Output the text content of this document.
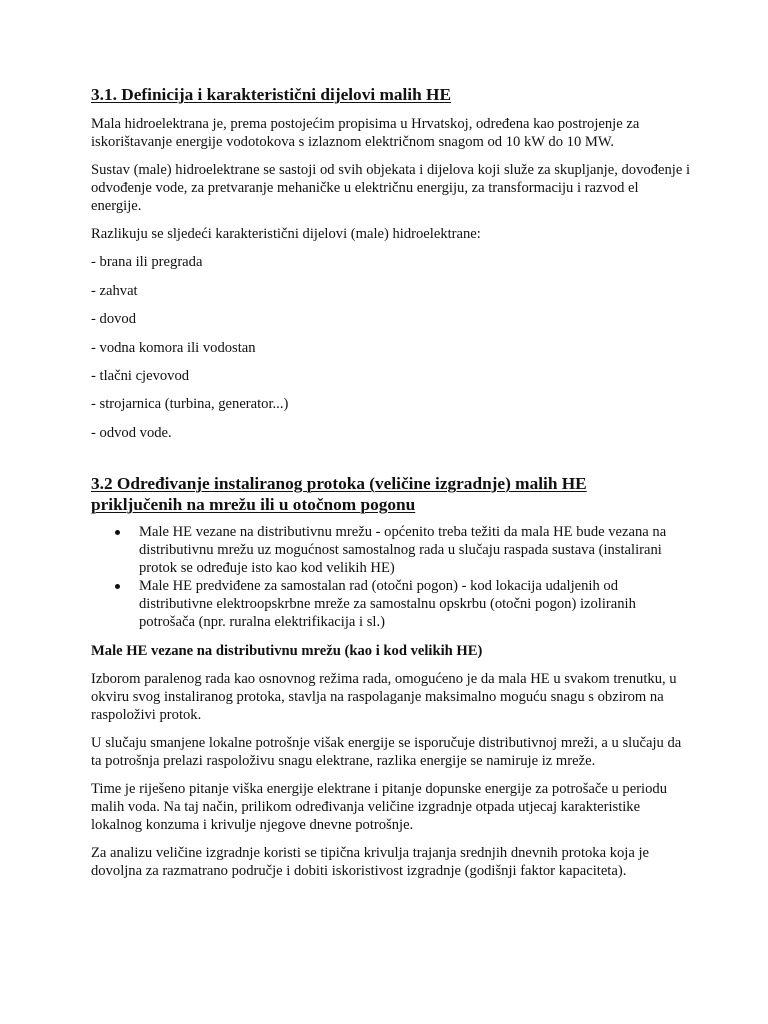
3.1. Definicija i karakteristični dijelovi malih HE

Mala hidroelektrana je, prema postojećim propisima u Hrvatskoj, određena kao postrojenje za iskorištavanje energije vodotokova s izlaznom električnom snagom od 10 kW do 10 MW.

Sustav (male) hidroelektrane se sastoji od svih objekata i dijelova koji služe za skupljanje, dovođenje i odvođenje vode, za pretvaranje mehaničke u električnu energiju, za transformaciju i razvod el energije.

Razlikuju se sljedeći karakteristični dijelovi (male) hidroelektrane:

- brana ili pregrada
- zahvat
- dovod
- vodna komora ili vodostan
- tlačni cjevovod
- strojarnica (turbina, generator...)
- odvod vode.
3.2 Određivanje instaliranog protoka (veličine izgradnje) malih HE
priključenih na mrežu ili u otočnom pogonu
Male HE vezane na distributivnu mrežu - općenito treba težiti da mala HE bude vezana na distributivnu mrežu uz mogućnost samostalnog rada u slučaju raspada sustava (instalirani protok se određuje isto kao kod velikih HE)
Male HE predviđene za samostalan rad (otočni pogon) - kod lokacija udaljenih od distributivne elektroopskrbne mreže za samostalnu opskrbu (otočni pogon) izoliranih potrošača (npr. ruralna elektrifikacija i sl.)

Male HE vezane na distributivnu mrežu (kao i kod velikih HE)

Izborom paralenog rada kao osnovnog režima rada, omogućeno je da mala HE u svakom trenutku, u okviru svog instaliranog protoka, stavlja na raspolaganje maksimalno moguću snagu s obzirom na raspoloživi protok.

U slučaju smanjene lokalne potrošnje višak energije se isporučuje distributivnoj mreži, a u slučaju da ta potrošnja prelazi raspoloživu snagu elektrane, razlika energije se namiruje iz mreže.

Time je riješeno pitanje viška energije elektrane i pitanje dopunske energije za potrošače u periodu malih voda. Na taj način, prilikom određivanja veličine izgradnje otpada utjecaj karakteristike lokalnog konzuma i krivulje njegove dnevne potrošnje.

Za analizu veličine izgradnje koristi se tipična krivulja trajanja srednjih dnevnih protoka koja je dovoljna za razmatrano područje i dobiti iskoristivost izgradnje (godišnji faktor kapaciteta).
